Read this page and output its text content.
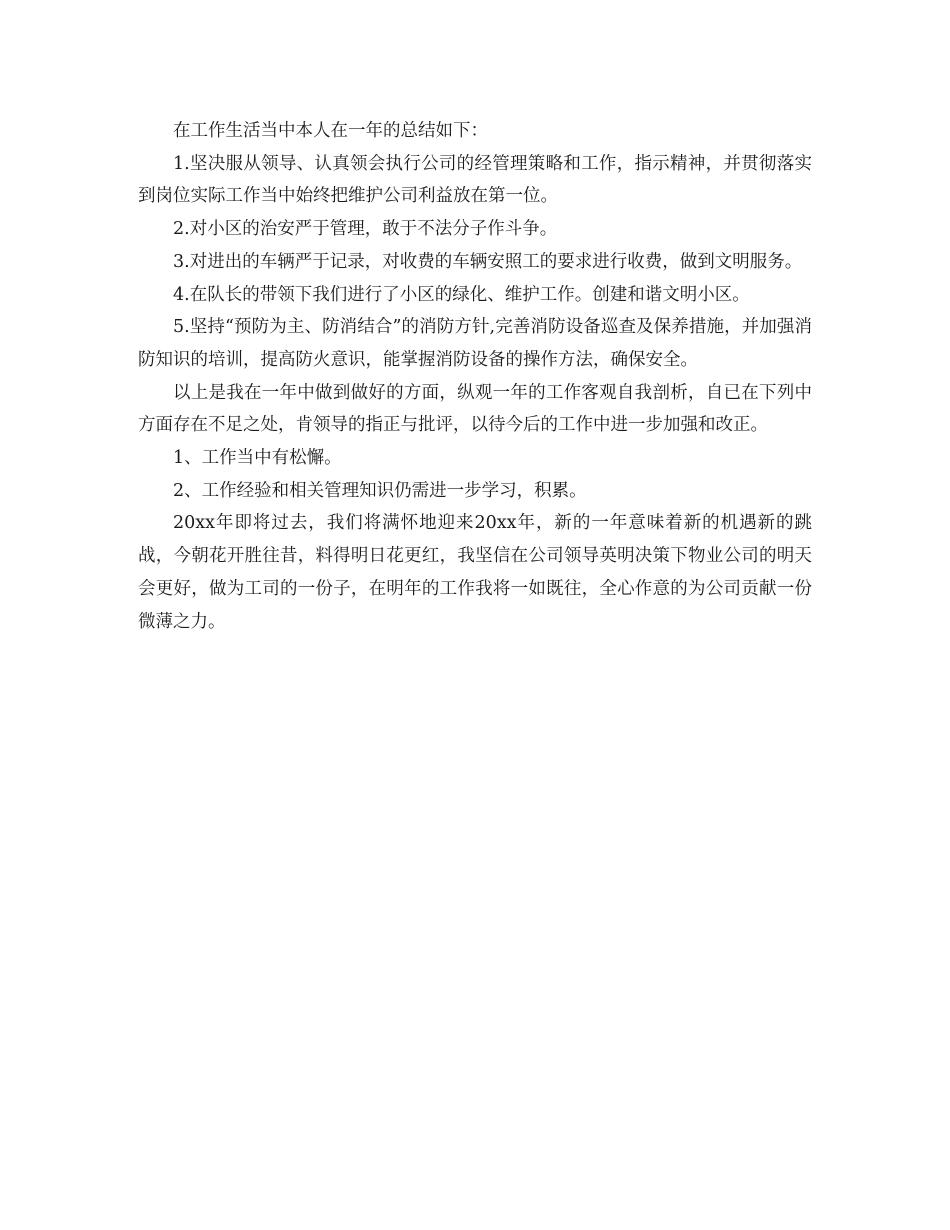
在工作生活当中本人在一年的总结如下：

1.坚决服从领导、认真领会执行公司的经管理策略和工作，指示精神，并贯彻落实到岗位实际工作当中始终把维护公司利益放在第一位。

2.对小区的治安严于管理，敢于不法分子作斗争。

3.对进出的车辆严于记录，对收费的车辆安照工的要求进行收费，做到文明服务。

4.在队长的带领下我们进行了小区的绿化、维护工作。创建和谐文明小区。

5.坚持“预防为主、防消结合”的消防方针,完善消防设备巡查及保养措施，并加强消防知识的培训，提高防火意识，能掌握消防设备的操作方法，确保安全。

以上是我在一年中做到做好的方面，纵观一年的工作客观自我剖析，自已在下列中方面存在不足之处，肯领导的指正与批评，以待今后的工作中进一步加强和改正。

1、工作当中有松懈。

2、工作经验和相关管理知识仍需进一步学习，积累。

20xx年即将过去，我们将满怀地迎来20xx年，新的一年意味着新的机遇新的跳战，今朝花开胜往昔，料得明日花更红，我坚信在公司领导英明决策下物业公司的明天会更好，做为工司的一份子，在明年的工作我将一如既往，全心作意的为公司贡献一份微薄之力。
